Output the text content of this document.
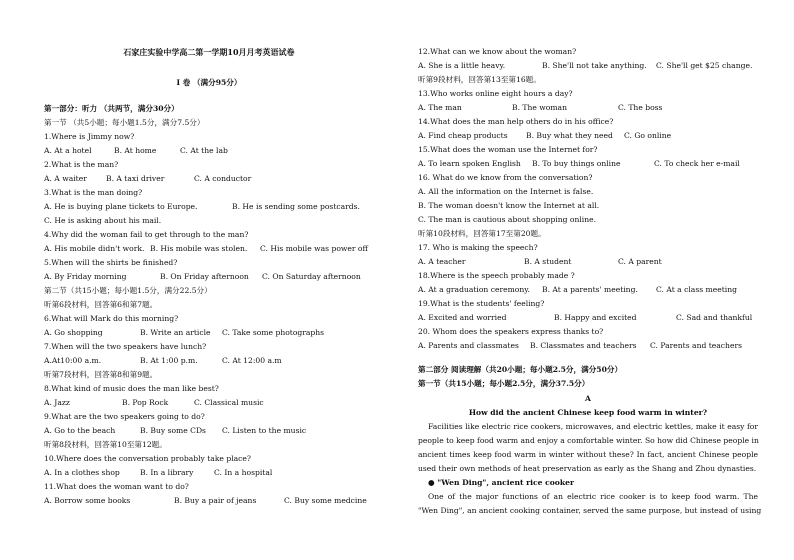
石家庄实验中学高二第一学期10月月考英语试卷
I 卷 （满分95分）
第一部分：听力 （共两节，满分30分）
第一节 （共5小题；每小题1.5分，满分7.5分）
1.Where is Jimmy now?
A. At a hotel	B. At home	C. At the lab
2.What is the man?
A. A waiter	B. A taxi driver	C. A conductor
3.What is the man doing?
A. He is buying plane tickets to Europe.	B. He is sending some postcards.
C. He is asking about his mail.
4.Why did the woman fail to get through to the man?
A. His mobile didn't work. B. His mobile was stolen. C. His mobile was power off
5.When will the shirts be finished?
A. By Friday morning	B. On Friday afternoon C. On Saturday afternoon
第二节（共15小题；每小题1.5分，满分22.5分）
听第6段材料，回答第6和第7题。
6.What will Mark do this morning?
A. Go shopping	B. Write an article C. Take some photographs
7.When will the two speakers have lunch?
A.At10:00 a.m.	B. At 1:00 p.m.	C. At 12:00 a.m
听第7段材料，回答第8和第9题。
8.What kind of music does the man like best?
A. Jazz	B. Pop Rock	C. Classical music
9.What are the two speakers going to do?
A. Go to the beach	B. Buy some CDs C. Listen to the music
听第8段材料，回答第10至第12题。
10.Where does the conversation probably take place?
A. In a clothes shop	B. In a library	C. In a hospital
11.What does the woman want to do?
A. Borrow some books	B. Buy a pair of jeans	C. Buy some medcine
12.What can we know about the woman?
A. She is a little heavy.	B. She'll not take anything. C. She'll get $25 change.
听第9段材料，回答第13至第16题。
13.Who works online eight hours a day?
A. The man	B. The woman	C. The boss
14.What does the man help others do in his office?
A. Find cheap products B. Buy what they need C. Go online
15.What does the woman use the Internet for?
A. To learn spoken English B. To buy things online	C. To check her e-mail
16. What do we know from the conversation?
A. All the information on the Internet is false.
B. The woman doesn't know the Internet at all.
C. The man is cautious about shopping online.
听第10段材料，回答第17至第20题。
17. Who is making the speech?
A. A teacher	B. A student	C. A parent
18.Where is the speech probably made ?
A. At a graduation ceremony. B. At a parents' meeting. C. At a class meeting
19.What is the students' feeling?
A. Excited and worried	B. Happy and excited	C. Sad and thankful
20. Whom does the speakers express thanks to?
A. Parents and classmates B. Classmates and teachers C. Parents and teachers
第二部分 阅读理解（共20小题；每小题2.5分，满分50分）
第一节（共15小题；每小题2.5分，满分37.5分）
A
How did the ancient Chinese keep food warm in winter?
Facilities like electric rice cookers, microwaves, and electric kettles, make it easy for
people to keep food warm and enjoy a comfortable winter. So how did Chinese people in
ancient times keep food warm in winter without these? In fact, ancient Chinese people
used their own methods of heat preservation as early as the Shang and Zhou dynasties.
● "Wen Ding", ancient rice cooker
One of the major functions of an electric rice cooker is to keep food warm. The
"Wen Ding", an ancient cooking container, served the same purpose, but instead of using
